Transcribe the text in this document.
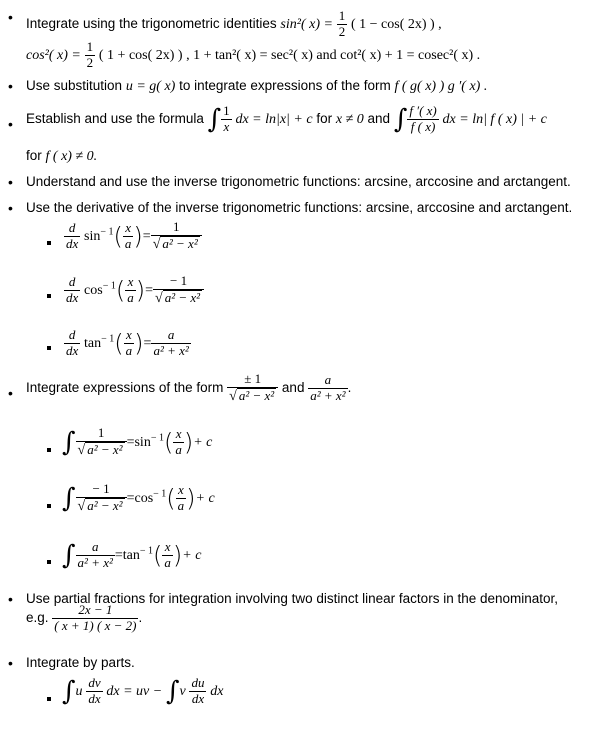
• Integrate using the trigonometric identities sin²( $x) = \frac{1}{2}$ ( 1 − cos( 2x) ) ,
cos²( $x) = \frac{1}{2}$ ( 1 + cos( 2x) ) , 1 + tan²( x) = sec²( x) and cot²( x) + 1 = cosec²( x) .
• Use substitution u = g( x) to integrate expressions of the form f ( g( x) ) g ′( x) .
• Establish and use the formula ∫ $\frac{1}{x}$ dx = ln|x| + c for x ≠ 0 and ∫ $\frac{f '( x)}{f ( x)}$ dx = ln| f ( x) | + c
for f ( x) ≠ 0.
• Understand and use the inverse trigonometric functions: arcsine, arccosine and arctangent.
• Use the derivative of the inverse trigonometric functions: arcsine, arccosine and arctangent.
$\frac{d}{dx} \sin^{- 1}( \frac{x}{a}$ )= $\frac{1}{\text{√ a² − x²}}$
$\frac{d}{dx} \cos^{- 1}( \frac{x}{a}$ )= $\frac{- 1}{\text{√ a² − x²}}$
$\frac{d}{dx} \tan^{- 1}( \frac{x}{a}$ )= $\frac{a}{\text{a² + x²}}$
• Integrate expressions of the form $\frac{\pm 1}{\text{√ a² − x²}}$ and $\frac{a}{\text{a² + x²}}$ .
∫ $\frac{1}{\text{√ a² − x²}} =\sin^{- 1}( \frac{x}{a}$ )+ c
∫ $\frac{- 1}{\text{√ a² − x²}} =\cos^{- 1}( \frac{x}{a}$ )+ c
∫ $\frac{a}{\text{a² + x²}} =\tan^{- 1}( \frac{x}{a}$ )+ c
• Use partial fractions for integration involving two distinct linear factors in the denominator,
e.g. $\frac{2x - 1}{( x + 1) ( x - 2)}$ .
• Integrate by parts.
$\int u \frac{dv}{dx}$ dx = uv − $\int v \frac{du}{dx}$ dx
